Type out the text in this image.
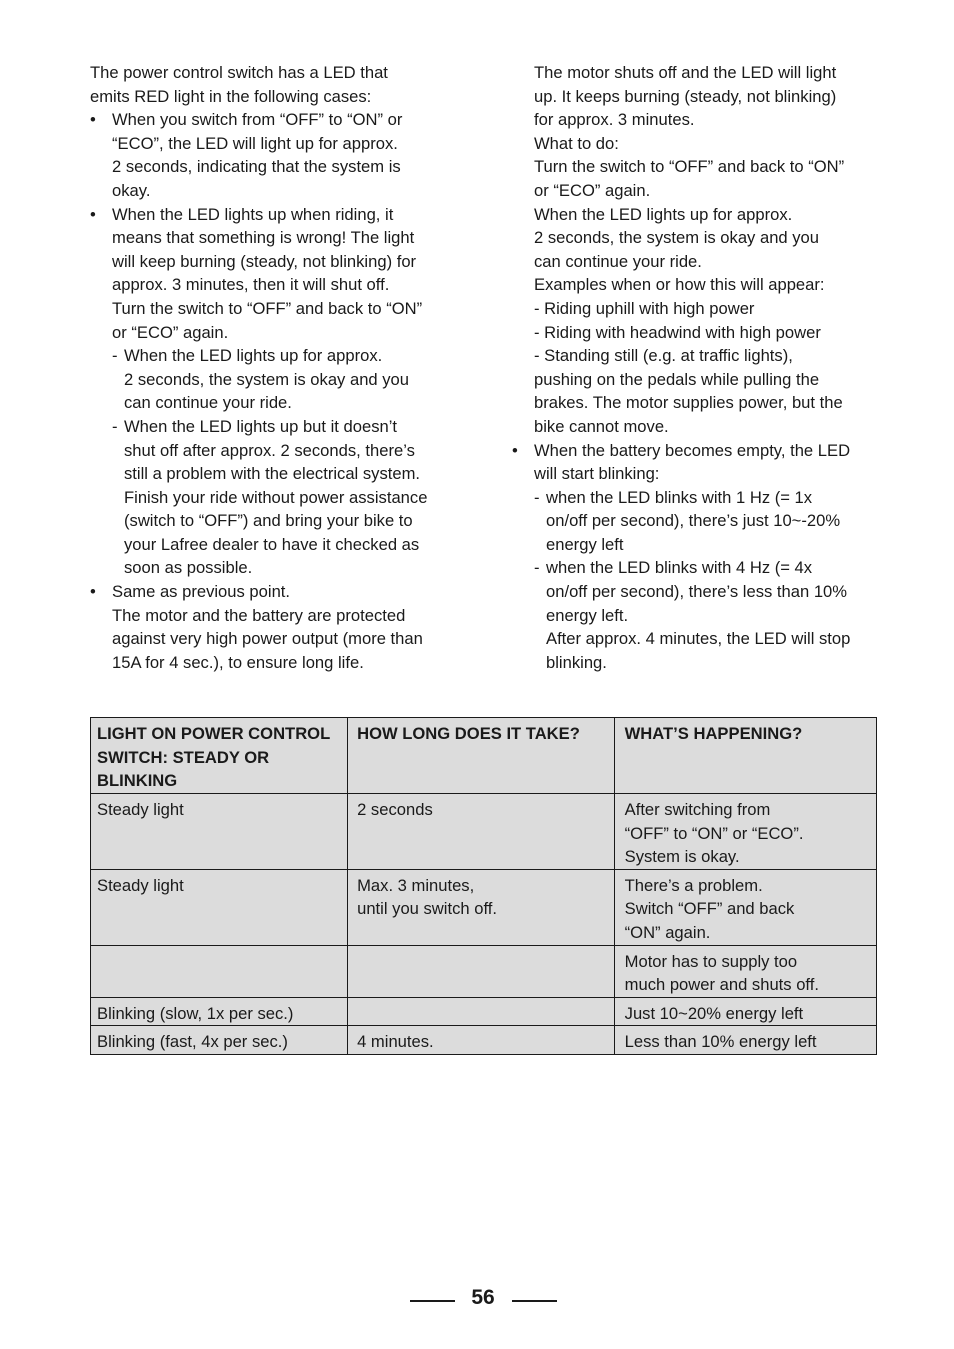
The power control switch has a LED that
emits RED light in the following cases:

• When you switch from “OFF” to “ON” or
“ECO”, the LED will light up for approx.
2 seconds, indicating that the system is
okay.
• When the LED lights up when riding, it
means that something is wrong! The light
will keep burning (steady, not blinking) for
approx. 3 minutes, then it will shut off.
Turn the switch to “OFF” and back to “ON”
or “ECO” again.
- When the LED lights up for approx.
2 seconds, the system is okay and you
can continue your ride.
- When the LED lights up but it doesn’t
shut off after approx. 2 seconds, there’s
still a problem with the electrical system.
Finish your ride without power assistance
(switch to “OFF”) and bring your bike to
your Lafree dealer to have it checked as
soon as possible.
• Same as previous point.
The motor and the battery are protected
against very high power output (more than
15A for 4 sec.), to ensure long life.

The motor shuts off and the LED will light
up. It keeps burning (steady, not blinking)
for approx. 3 minutes.
What to do:
Turn the switch to “OFF” and back to “ON”
or “ECO” again.
When the LED lights up for approx.
2 seconds, the system is okay and you
can continue your ride.
Examples when or how this will appear:
- Riding uphill with high power
- Riding with headwind with high power
- Standing still (e.g. at traffic lights),
pushing on the pedals while pulling the
brakes. The motor supplies power, but the
bike cannot move.

• When the battery becomes empty, the LED
will start blinking:
- when the LED blinks with 1 Hz (= 1x
on/off per second), there’s just 10~-20%
energy left
- when the LED blinks with 4 Hz (= 4x
on/off per second), there’s less than 10%
energy left.
After approx. 4 minutes, the LED will stop
blinking.
LIGHT ON POWER CONTROL SWITCH: STEADY OR BLINKING	HOW LONG DOES IT TAKE?	WHAT’S HAPPENING?

Steady light	2 seconds	After switching from
“OFF” to “ON” or “ECO”.
System is okay.

Steady light	Max. 3 minutes,
until you switch off.	There’s a problem.
Switch “OFF” and back
“ON” again.

		Motor has to supply too
much power and shuts off.

Blinking (slow, 1x per sec.)		Just 10~20% energy left

Blinking (fast, 4x per sec.)	4 minutes.	Less than 10% energy left
56
